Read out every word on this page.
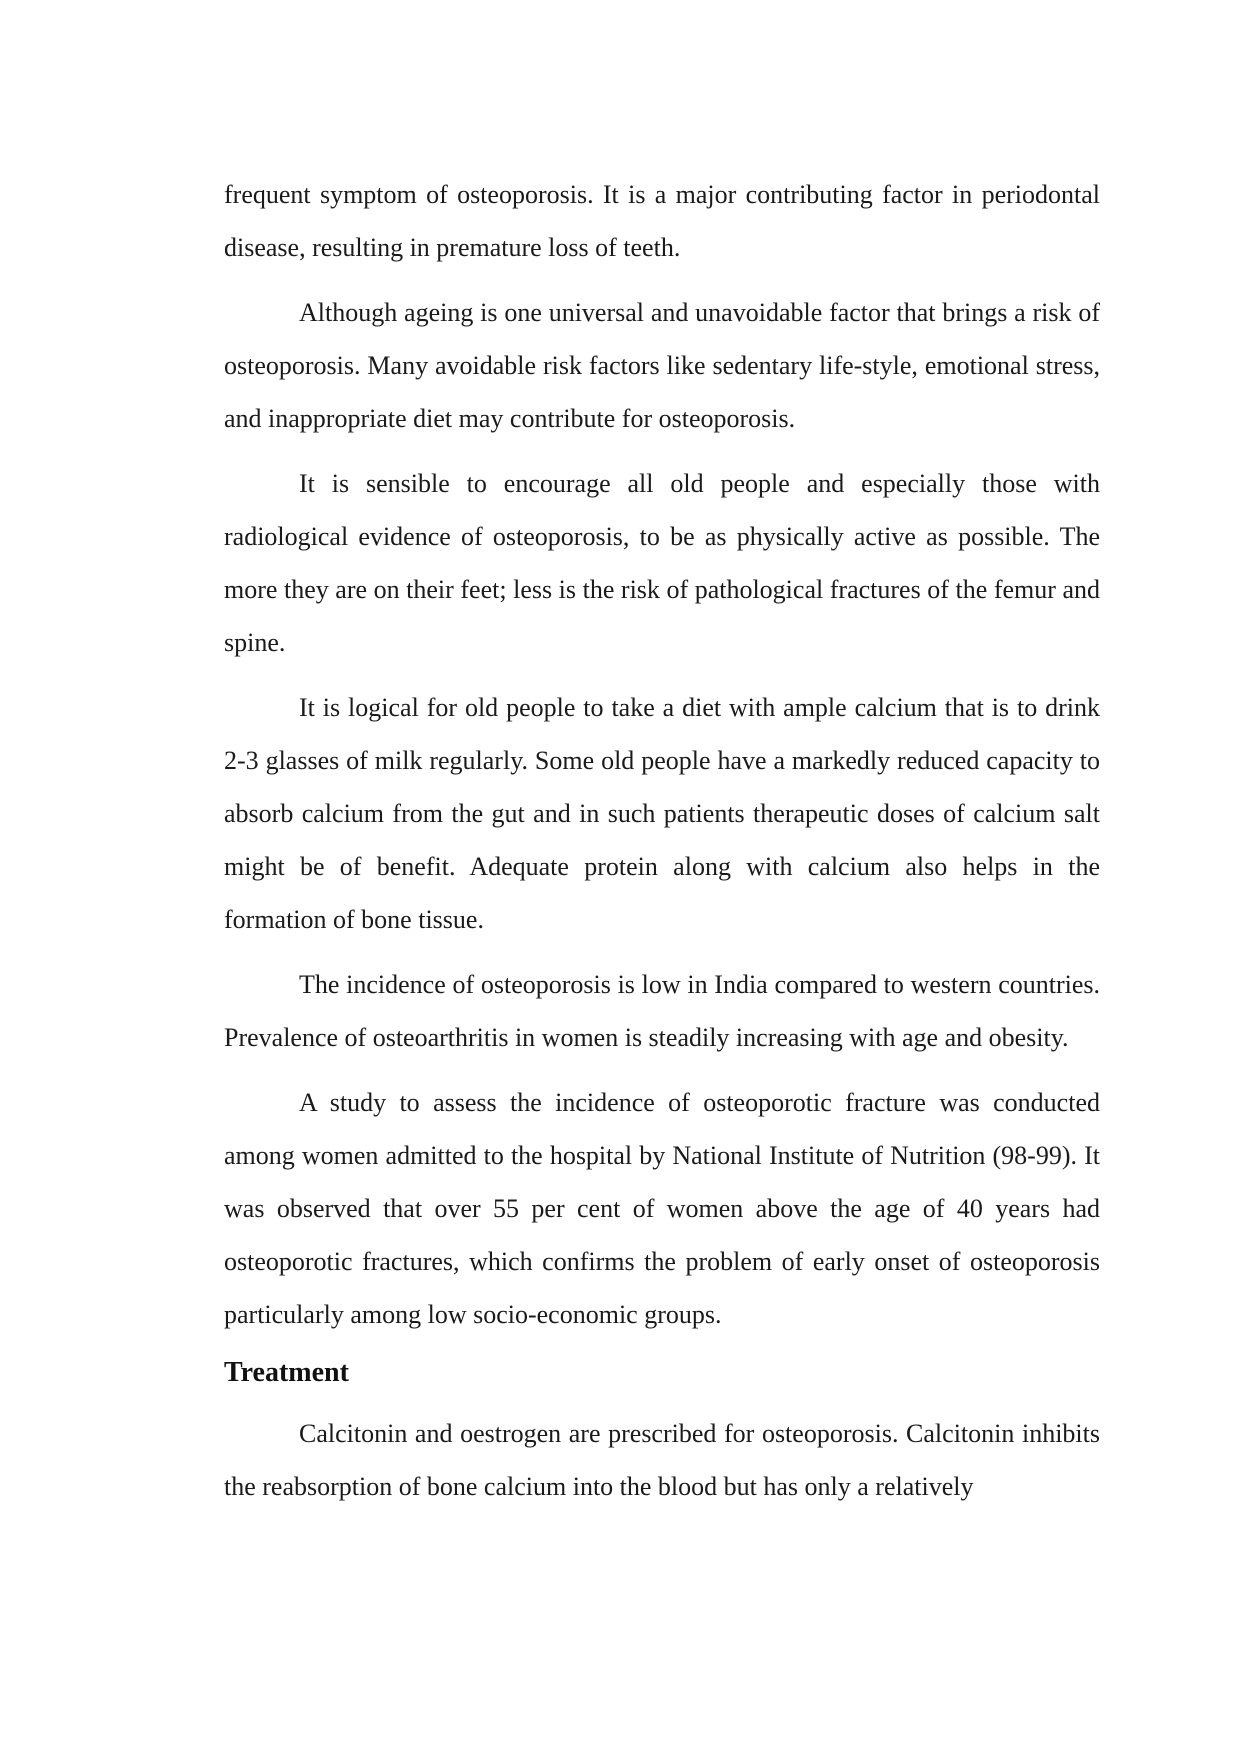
frequent symptom of osteoporosis. It is a major contributing factor in periodontal disease, resulting in premature loss of teeth.

Although ageing is one universal and unavoidable factor that brings a risk of osteoporosis. Many avoidable risk factors like sedentary life-style, emotional stress, and inappropriate diet may contribute for osteoporosis.

It is sensible to encourage all old people and especially those with radiological evidence of osteoporosis, to be as physically active as possible. The more they are on their feet; less is the risk of pathological fractures of the femur and spine.

It is logical for old people to take a diet with ample calcium that is to drink 2-3 glasses of milk regularly. Some old people have a markedly reduced capacity to absorb calcium from the gut and in such patients therapeutic doses of calcium salt might be of benefit. Adequate protein along with calcium also helps in the formation of bone tissue.

The incidence of osteoporosis is low in India compared to western countries. Prevalence of osteoarthritis in women is steadily increasing with age and obesity.

A study to assess the incidence of osteoporotic fracture was conducted among women admitted to the hospital by National Institute of Nutrition (98-99). It was observed that over 55 per cent of women above the age of 40 years had osteoporotic fractures, which confirms the problem of early onset of osteoporosis particularly among low socio-economic groups.

Treatment

Calcitonin and oestrogen are prescribed for osteoporosis. Calcitonin inhibits the reabsorption of bone calcium into the blood but has only a relatively
